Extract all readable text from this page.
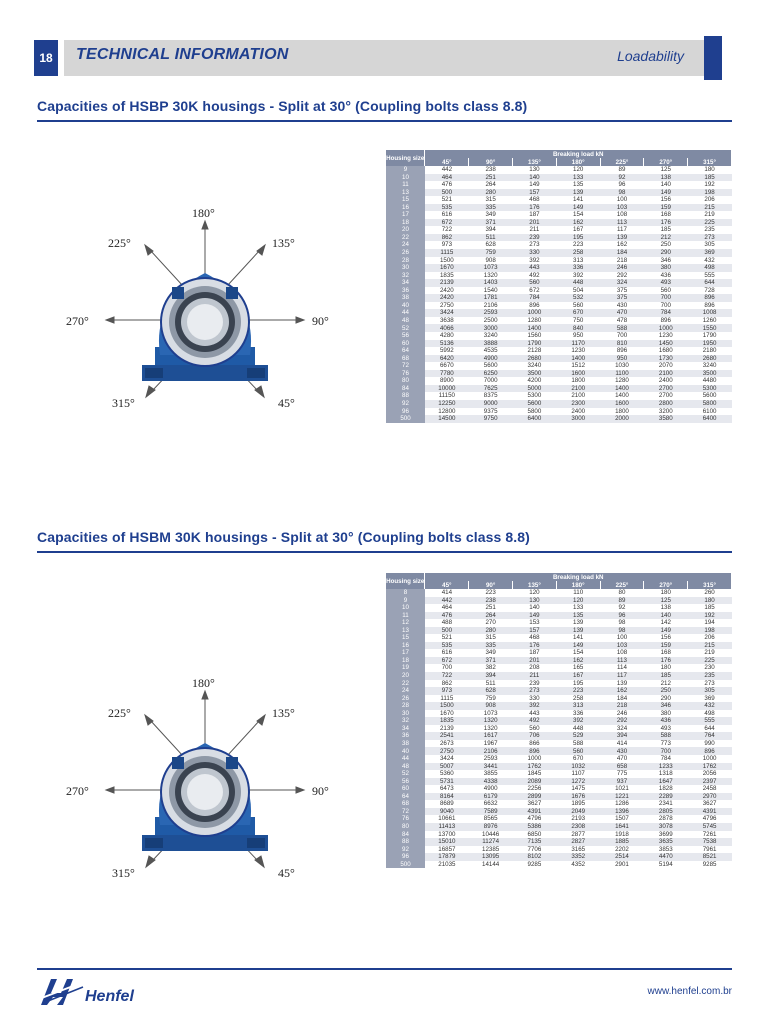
18	TECHNICAL INFORMATION	Loadability
Capacities of HSBP 30K housings - Split at 30° (Coupling bolts class 8.8)
180°
225°	135°
270°	90°
315°	45°
Housing size	Breaking load kN						
	45°	90°	135°	180°	225°	270°	315°
9	442	238	130	120	89	125	180
10	464	251	140	133	92	138	185
11	476	264	149	135	96	140	192
13	500	280	157	139	98	149	198
15	521	315	468	141	100	156	206
16	535	335	176	149	103	159	215
17	616	349	187	154	108	168	219
18	672	371	201	162	113	176	225
20	722	394	211	167	117	185	235
22	862	511	239	195	139	212	273
24	973	628	273	223	162	250	305
26	1115	759	330	258	184	290	369
28	1500	908	392	313	218	346	432
30	1670	1073	443	336	246	380	498
32	1835	1320	492	392	292	436	555
34	2139	1403	560	448	324	493	644
36	2420	1540	672	504	375	560	728
38	2420	1781	784	532	375	700	896
40	2750	2106	896	560	430	700	896
44	3424	2593	1000	670	470	784	1008
48	3638	2500	1280	750	478	896	1260
52	4066	3000	1400	840	588	1000	1550
56	4280	3240	1560	950	700	1230	1790
60	5136	3888	1790	1170	810	1450	1950
64	5992	4535	2128	1230	896	1680	2180
68	6420	4900	2680	1400	950	1730	2680
72	6670	5600	3240	1512	1030	2070	3240
76	7780	6250	3500	1600	1100	2100	3500
80	8900	7000	4200	1800	1280	2400	4480
84	10000	7625	5000	2100	1400	2700	5300
88	11150	8375	5300	2100	1400	2700	5600
92	12250	9000	5600	2300	1600	2800	5800
96	12800	9375	5800	2400	1800	3200	6100
500	14500	9750	6400	3000	2000	3580	6400
Capacities of HSBM 30K housings - Split at 30° (Coupling bolts class 8.8)
180°
225°	135°
270°	90°
315°	45°
Housing size	Breaking load kN						
	45°	90°	135°	180°	225°	270°	315°
8	414	223	120	110	80	180	260
9	442	238	130	120	89	125	180
10	464	251	140	133	92	138	185
11	476	264	149	135	96	140	192
12	488	270	153	139	98	142	194
13	500	280	157	139	98	149	198
15	521	315	468	141	100	156	206
16	535	335	176	149	103	159	215
17	616	349	187	154	108	168	219
18	672	371	201	162	113	176	225
19	700	382	208	165	114	180	230
20	722	394	211	167	117	185	235
22	862	511	239	195	139	212	273
24	973	628	273	223	162	250	305
26	1115	759	330	258	184	290	369
28	1500	908	392	313	218	346	432
30	1670	1073	443	336	246	380	498
32	1835	1320	492	392	292	436	555
34	2139	1320	560	448	324	493	644
36	2541	1617	706	529	394	588	764
38	2673	1967	866	588	414	773	990
40	2750	2106	896	560	430	700	896
44	3424	2593	1000	670	470	784	1000
48	5007	3441	1762	1032	658	1233	1762
52	5360	3855	1845	1107	775	1318	2056
56	5731	4338	2089	1272	937	1647	2397
60	6473	4900	2256	1475	1021	1828	2458
64	8164	6179	2899	1676	1221	2289	2970
68	8689	6632	3627	1895	1286	2341	3627
72	9040	7589	4391	2049	1396	2805	4391
76	10661	8565	4796	2193	1507	2878	4796
80	11413	8976	5386	2308	1641	3078	5745
84	13700	10446	6850	2877	1918	3699	7261
88	15010	11274	7135	2827	1885	3635	7538
92	16857	12385	7706	3165	2202	3853	7961
96	17879	13095	8102	3352	2514	4470	8521
500	21035	14144	9285	4352	2901	5194	9285
Henfel	www.henfel.com.br
